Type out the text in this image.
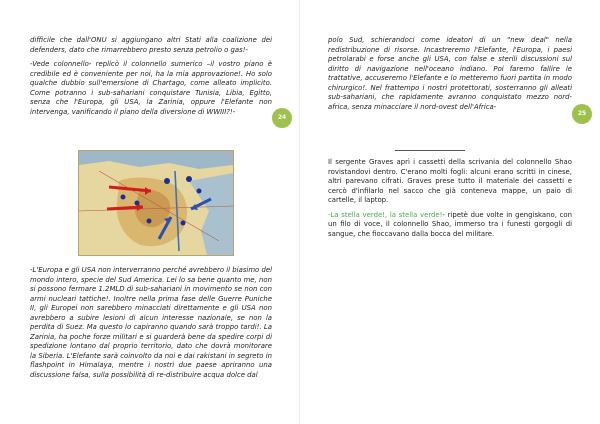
difficile che dall'ONU si aggiungano altri Stati alla coalizione dei defenders, dato che rimarrebbero presto senza petrolio o gas!-

-Vede colonnello- replicò il colonnello sumerico –il vostro piano è credibile ed è conveniente per noi, ha la mia approvazione!. Ho solo qualche dubbio sull'emersione di Chartago, come alleato implicito. Come potranno i sub-sahariani conquistare Tunisia, Libia, Egitto, senza che l'Europa, gli USA, la Zarinia, oppure l'Elefante non intervenga, vanificando il piano della diversione di WWIII?!-

24

-L'Europa e gli USA non interverranno perché avrebbero il biasimo del mondo intero, specie del Sud America. Lei lo sa bene quanto me, non si possono fermare 1.2MLD di sub-sahariani in movimento se non con armi nucleari tattiche!. Inoltre nella prima fase delle Guerre Puniche II, gli Europei non sarebbero minacciati direttamente e gli USA non avrebbero a subire lesioni di alcun interesse nazionale, se non la perdita di Suez. Ma questo lo capiranno quando sarà troppo tardi!. La Zarinia, ha poche forze militari e si guarderà bene da spedire corpi di spedizione lontano dal proprio territorio, dato che dovrà monitorare la Siberia. L'Elefante sarà coinvolto da noi e dai rakistani in segreto in flashpoint in Himalaya, mentre i nostri due paese apriranno una discussione falsa, sulla possibilità di re-distribuire acqua dolce dal

polo Sud, schierandoci come ideatori di un "new deal" nella redistribuzione di risorse. Incastreremo l'Elefante, l'Europa, i paesi petrolarabi e forse anche gli USA, con false e sterili discussioni sul diritto di navigazione nell'oceano indiano. Poi faremo fallire le trattative, accuseremo l'Elefante e lo metteremo fuori partita in modo chirurgico!. Nel frattempo i nostri protettorati, sosterranno gli alleati sub-sahariani, che rapidamente avranno conquistato mezzo nord-africa, senza minacciare il nord-ovest dell'Africa-

25

Il sergente Graves aprì i cassetti della scrivania del colonnello Shao rovistandovi dentro. C'erano molti fogli: alcuni erano scritti in cinese, altri parevano cifrati. Graves prese tutto il materiale dei cassetti e cercò d'infilarlo nel sacco che già conteneva mappe, un paio di cartelle, il laptop.

-La stella verde!, la stella verde!- ripetè due volte in gengiskano, con un filo di voce, il colonnello Shao, immerso tra i funesti gorgogli di sangue, che fioccavano dalla bocca del militare.
